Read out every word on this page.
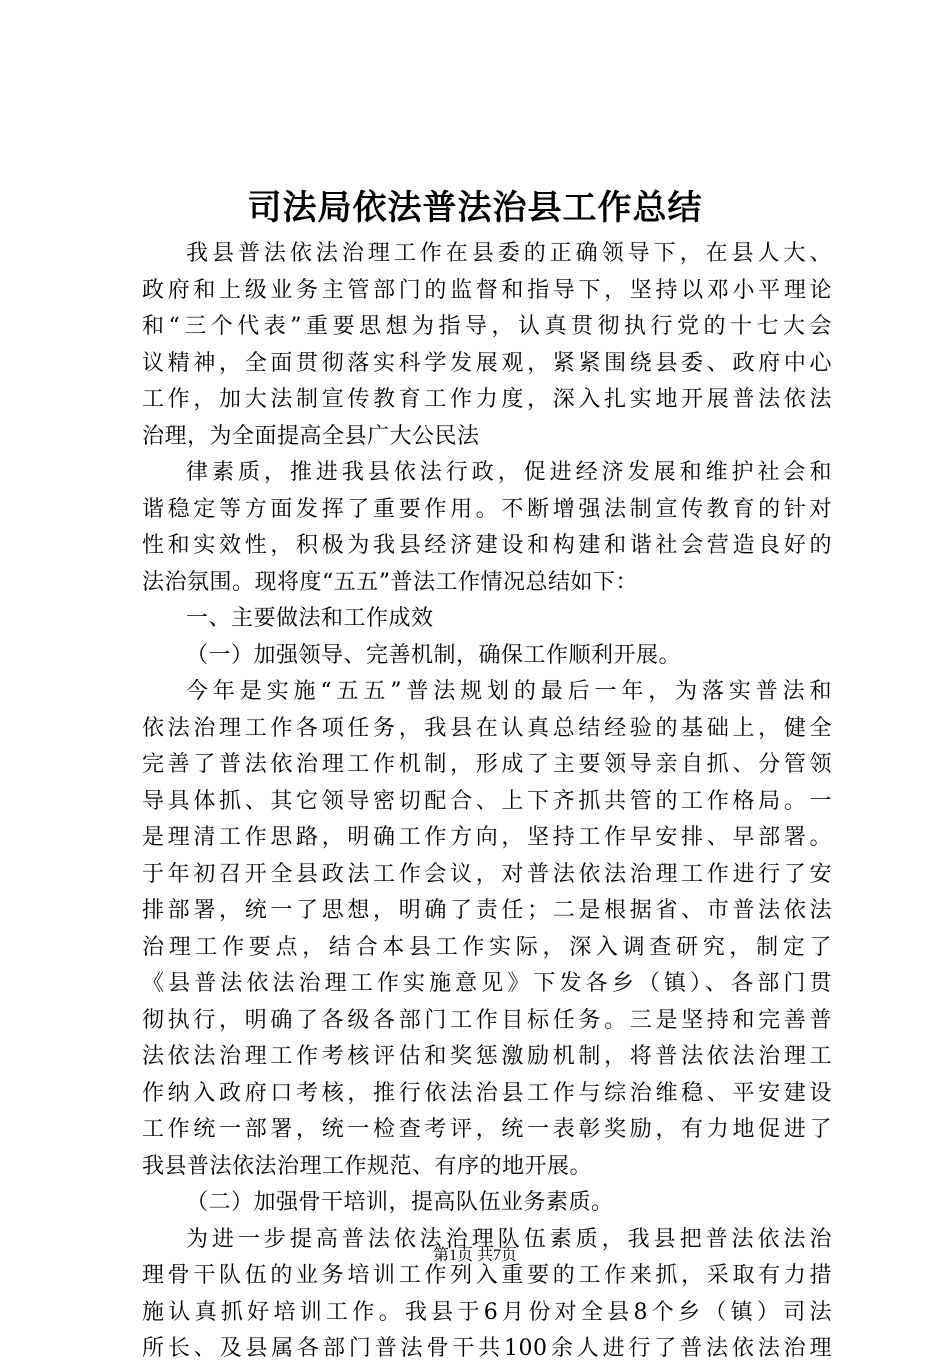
司法局依法普法治县工作总结
我县普法依法治理工作在县委的正确领导下，在县人大、
政府和上级业务主管部门的监督和指导下，坚持以邓小平理论
和“三个代表”重要思想为指导，认真贯彻执行党的十七大会
议精神，全面贯彻落实科学发展观，紧紧围绕县委、政府中心
工作，加大法制宣传教育工作力度，深入扎实地开展普法依法
治理，为全面提高全县广大公民法
律素质，推进我县依法行政，促进经济发展和维护社会和
谐稳定等方面发挥了重要作用。不断增强法制宣传教育的针对
性和实效性，积极为我县经济建设和构建和谐社会营造良好的
法治氛围。现将度“五五”普法工作情况总结如下：
一、主要做法和工作成效
（一）加强领导、完善机制，确保工作顺利开展。
今年是实施“五五”普法规划的最后一年，为落实普法和
依法治理工作各项任务，我县在认真总结经验的基础上，健全
完善了普法依治理工作机制，形成了主要领导亲自抓、分管领
导具体抓、其它领导密切配合、上下齐抓共管的工作格局。一
是理清工作思路，明确工作方向，坚持工作早安排、早部署。
于年初召开全县政法工作会议，对普法依法治理工作进行了安
排部署，统一了思想，明确了责任；二是根据省、市普法依法
治理工作要点，结合本县工作实际，深入调查研究，制定了
《县普法依法治理工作实施意见》下发各乡（镇）、各部门贯
彻执行，明确了各级各部门工作目标任务。三是坚持和完善普
法依法治理工作考核评估和奖惩激励机制，将普法依法治理工
作纳入政府口考核，推行依法治县工作与综治维稳、平安建设
工作统一部署，统一检查考评，统一表彰奖励，有力地促进了
我县普法依法治理工作规范、有序的地开展。
（二）加强骨干培训，提高队伍业务素质。
为进一步提高普法依法治理队伍素质，我县把普法依法治
理骨干队伍的业务培训工作列入重要的工作来抓，采取有力措
施认真抓好培训工作。我县于6月份对全县8个乡（镇）司法
所长、及县属各部门普法骨干共100余人进行了普法依法治理
第1页 共7页
